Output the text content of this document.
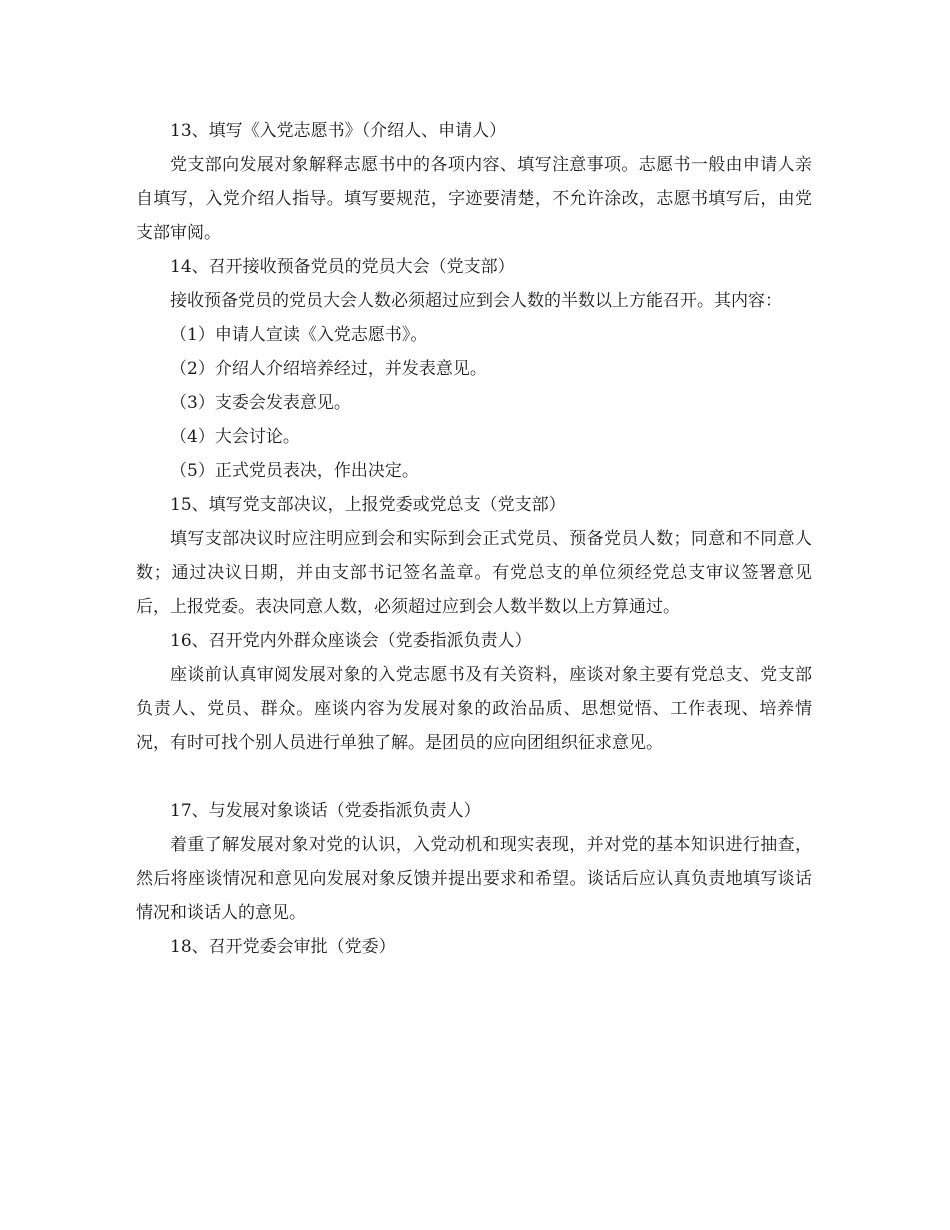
13、填写《入党志愿书》（介绍人、申请人）

党支部向发展对象解释志愿书中的各项内容、填写注意事项。志愿书一般由申请人亲自填写，入党介绍人指导。填写要规范，字迹要清楚，不允许涂改，志愿书填写后，由党支部审阅。

14、召开接收预备党员的党员大会（党支部）

接收预备党员的党员大会人数必须超过应到会人数的半数以上方能召开。其内容：

（1）申请人宣读《入党志愿书》。

（2）介绍人介绍培养经过，并发表意见。

（3）支委会发表意见。

（4）大会讨论。

（5）正式党员表决，作出决定。

15、填写党支部决议，上报党委或党总支（党支部）

填写支部决议时应注明应到会和实际到会正式党员、预备党员人数；同意和不同意人数；通过决议日期，并由支部书记签名盖章。有党总支的单位须经党总支审议签署意见后，上报党委。表决同意人数，必须超过应到会人数半数以上方算通过。

16、召开党内外群众座谈会（党委指派负责人）

座谈前认真审阅发展对象的入党志愿书及有关资料，座谈对象主要有党总支、党支部负责人、党员、群众。座谈内容为发展对象的政治品质、思想觉悟、工作表现、培养情况，有时可找个别人员进行单独了解。是团员的应向团组织征求意见。

17、与发展对象谈话（党委指派负责人）

着重了解发展对象对党的认识，入党动机和现实表现，并对党的基本知识进行抽查，然后将座谈情况和意见向发展对象反馈并提出要求和希望。谈话后应认真负责地填写谈话情况和谈话人的意见。

18、召开党委会审批（党委）
